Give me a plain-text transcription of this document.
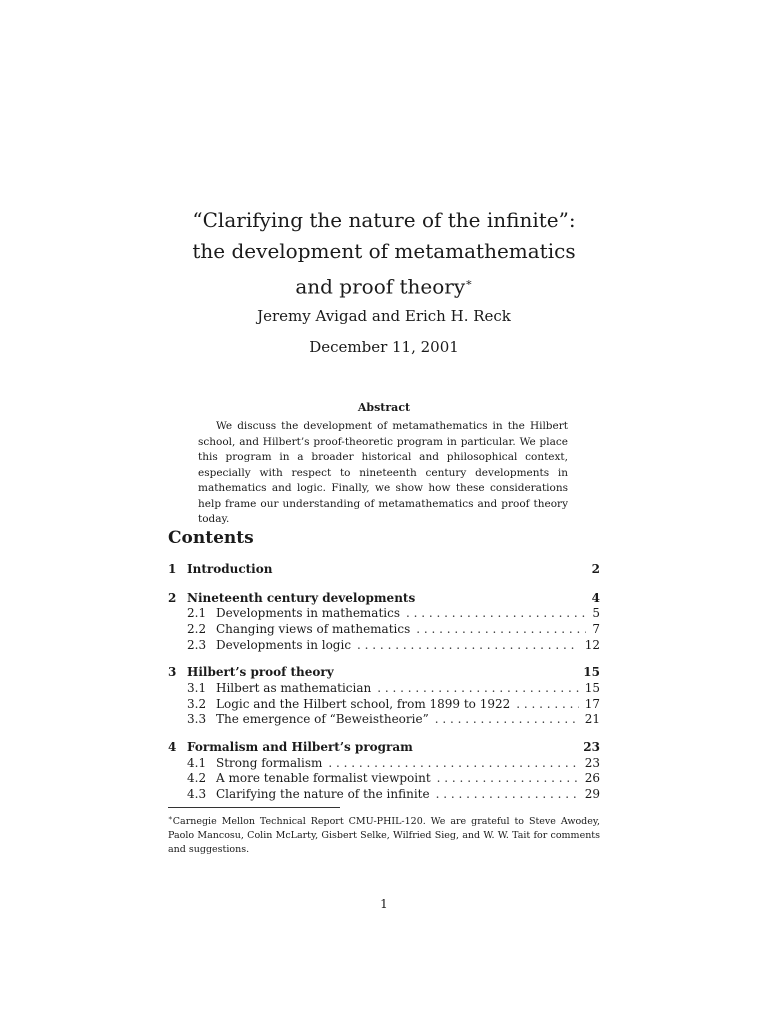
“Clarifying the nature of the infinite”:
the development of metamathematics
and proof theory∗
Jeremy Avigad and Erich H. Reck
December 11, 2001
Abstract

We discuss the development of metamathematics in the Hilbert school, and Hilbert’s proof-theoretic program in particular. We place this program in a broader historical and philosophical context, especially with respect to nineteenth century developments in mathematics and logic. Finally, we show how these considerations help frame our understanding of metamathematics and proof theory today.

Contents
1 Introduction	2
2 Nineteenth century developments	4
2.1 Developments in mathematics . . .	5
2.2 Changing views of mathematics . . .	7
2.3 Developments in logic . . .	12
3 Hilbert’s proof theory	15
3.1 Hilbert as mathematician . . .	15
3.2 Logic and the Hilbert school, from 1899 to 1922 . . .	17
3.3 The emergence of “Beweistheorie” . . .	21
4 Formalism and Hilbert’s program	23
4.1 Strong formalism . . .	23
4.2 A more tenable formalist viewpoint . . .	26
4.3 Clarifying the nature of the infinite . . .	29

∗Carnegie Mellon Technical Report CMU-PHIL-120. We are grateful to Steve Awodey, Paolo Mancosu, Colin McLarty, Gisbert Selke, Wilfried Sieg, and W. W. Tait for comments and suggestions.

1
